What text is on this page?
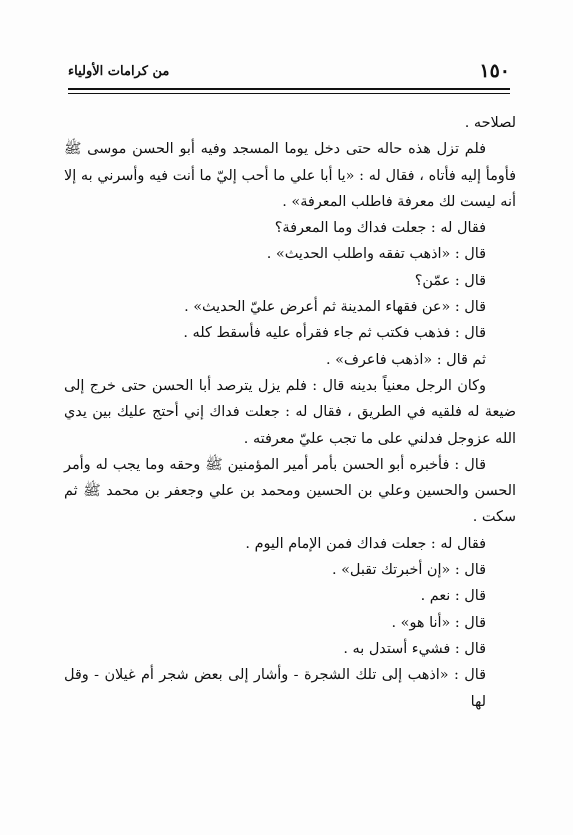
١٥٠
من كرامات الأولياء

لصلاحه .

فلم تزل هذه حاله حتى دخل يوما المسجد وفيه أبو الحسن موسى ﷺ فأومأ إليه فأتاه ، فقال له : «يا أبا علي ما أحب إليّ ما أنت فيه وأسرني به إلا أنه ليست لك معرفة فاطلب المعرفة» .

فقال له : جعلت فداك وما المعرفة؟

قال : «اذهب تفقه واطلب الحديث» .

قال : عمّن؟

قال : «عن فقهاء المدينة ثم أعرض عليّ الحديث» .

قال : فذهب فكتب ثم جاء فقرأه عليه فأسقط كله .

ثم قال : «اذهب فاعرف» .

وكان الرجل معنياً بدينه قال : فلم يزل يترصد أبا الحسن حتى خرج إلى ضيعة له فلقيه في الطريق ، فقال له : جعلت فداك إني أحتج عليك بين يدي الله عزوجل فدلني على ما تجب عليّ معرفته .

قال : فأخبره أبو الحسن بأمر أمير المؤمنين ﷺ وحقه وما يجب له وأمر الحسن والحسين وعلي بن الحسين ومحمد بن علي وجعفر بن محمد ﷺ ثم سكت .

فقال له : جعلت فداك فمن الإمام اليوم .

قال : «إن أخبرتك تقبل» .

قال : نعم .

قال : «أنا هو» .

قال : فشيء أستدل به .

قال : «اذهب إلى تلك الشجرة - وأشار إلى بعض شجر أم غيلان - وقل لها
